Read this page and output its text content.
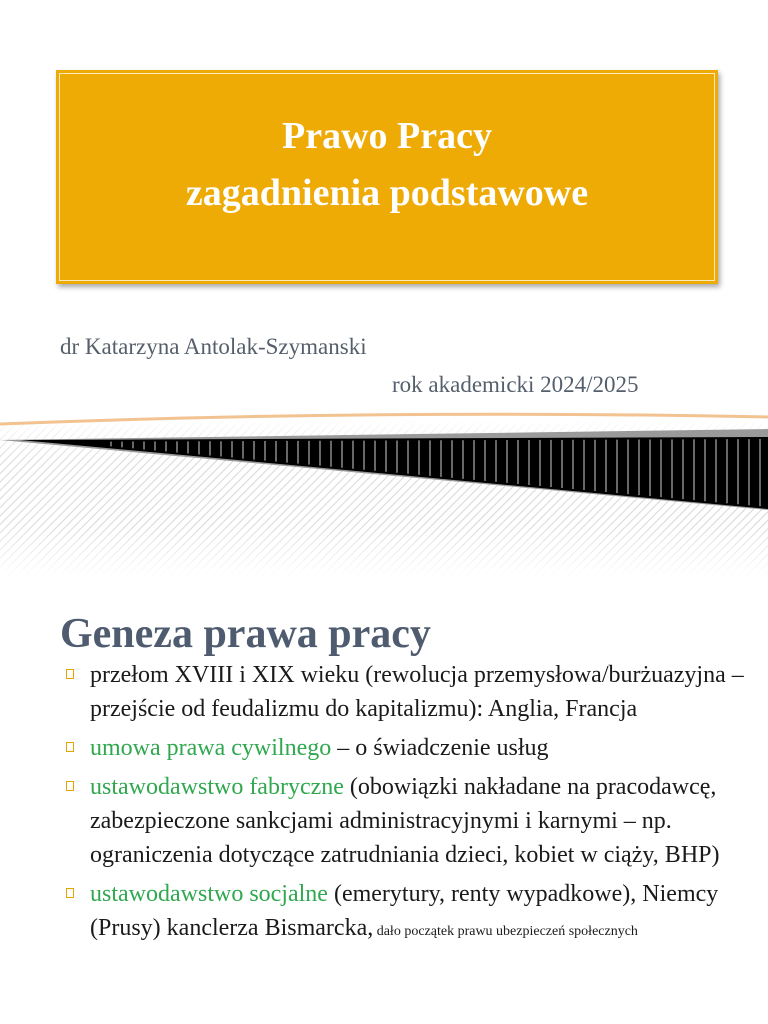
Prawo Pracy
zagadnienia podstawowe
dr Katarzyna Antolak-Szymanski
rok akademicki 2024/2025
Geneza prawa pracy
przełom XVIII i XIX wieku (rewolucja przemysłowa/burżuazyjna – przejście od feudalizmu do kapitalizmu): Anglia, Francja
umowa prawa cywilnego – o świadczenie usług
ustawodawstwo fabryczne (obowiązki nakładane na pracodawcę, zabezpieczone sankcjami administracyjnymi i karnymi – np. ograniczenia dotyczące zatrudniania dzieci, kobiet w ciąży, BHP)
ustawodawstwo socjalne (emerytury, renty wypadkowe), Niemcy (Prusy) kanclerza Bismarcka, dało początek prawu ubezpieczeń społecznych
